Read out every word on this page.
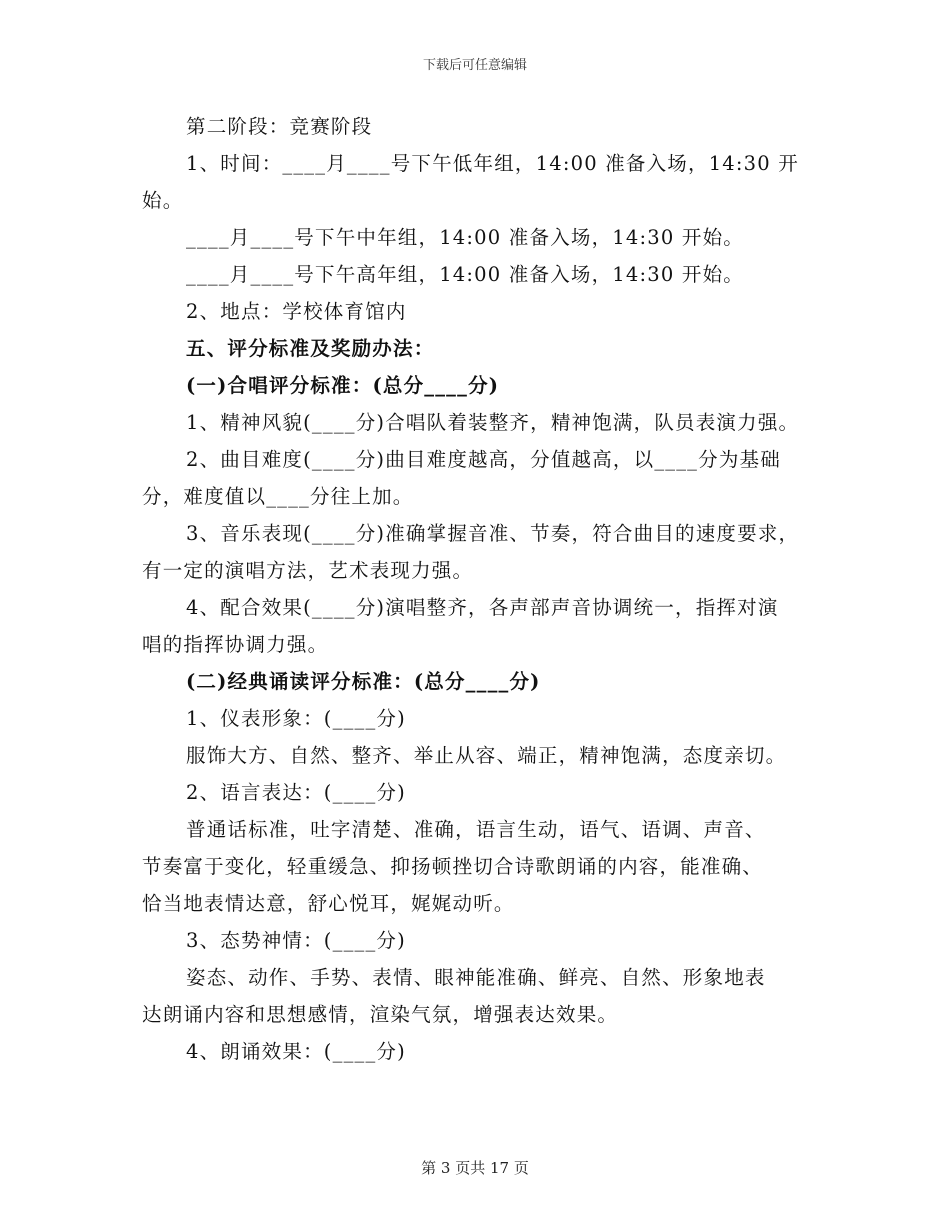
下载后可任意编辑
第二阶段：竞赛阶段
1、时间：____月____号下午低年组，14:00 准备入场，14:30 开
始。
____月____号下午中年组，14:00 准备入场，14:30 开始。
____月____号下午高年组，14:00 准备入场，14:30 开始。
2、地点：学校体育馆内
五、评分标准及奖励办法：
(一)合唱评分标准：(总分____分)
1、精神风貌(____分)合唱队着装整齐，精神饱满，队员表演力强。
2、曲目难度(____分)曲目难度越高，分值越高，以____分为基础
分，难度值以____分往上加。
3、音乐表现(____分)准确掌握音准、节奏，符合曲目的速度要求，
有一定的演唱方法，艺术表现力强。
4、配合效果(____分)演唱整齐，各声部声音协调统一，指挥对演
唱的指挥协调力强。
(二)经典诵读评分标准：(总分____分)
1、仪表形象：(____分)
服饰大方、自然、整齐、举止从容、端正，精神饱满，态度亲切。
2、语言表达：(____分)
普通话标准，吐字清楚、准确，语言生动，语气、语调、声音、
节奏富于变化，轻重缓急、抑扬顿挫切合诗歌朗诵的内容，能准确、
恰当地表情达意，舒心悦耳，娓娓动听。
3、态势神情：(____分)
姿态、动作、手势、表情、眼神能准确、鲜亮、自然、形象地表
达朗诵内容和思想感情，渲染气氛，增强表达效果。
4、朗诵效果：(____分)
第 3 页共 17 页
